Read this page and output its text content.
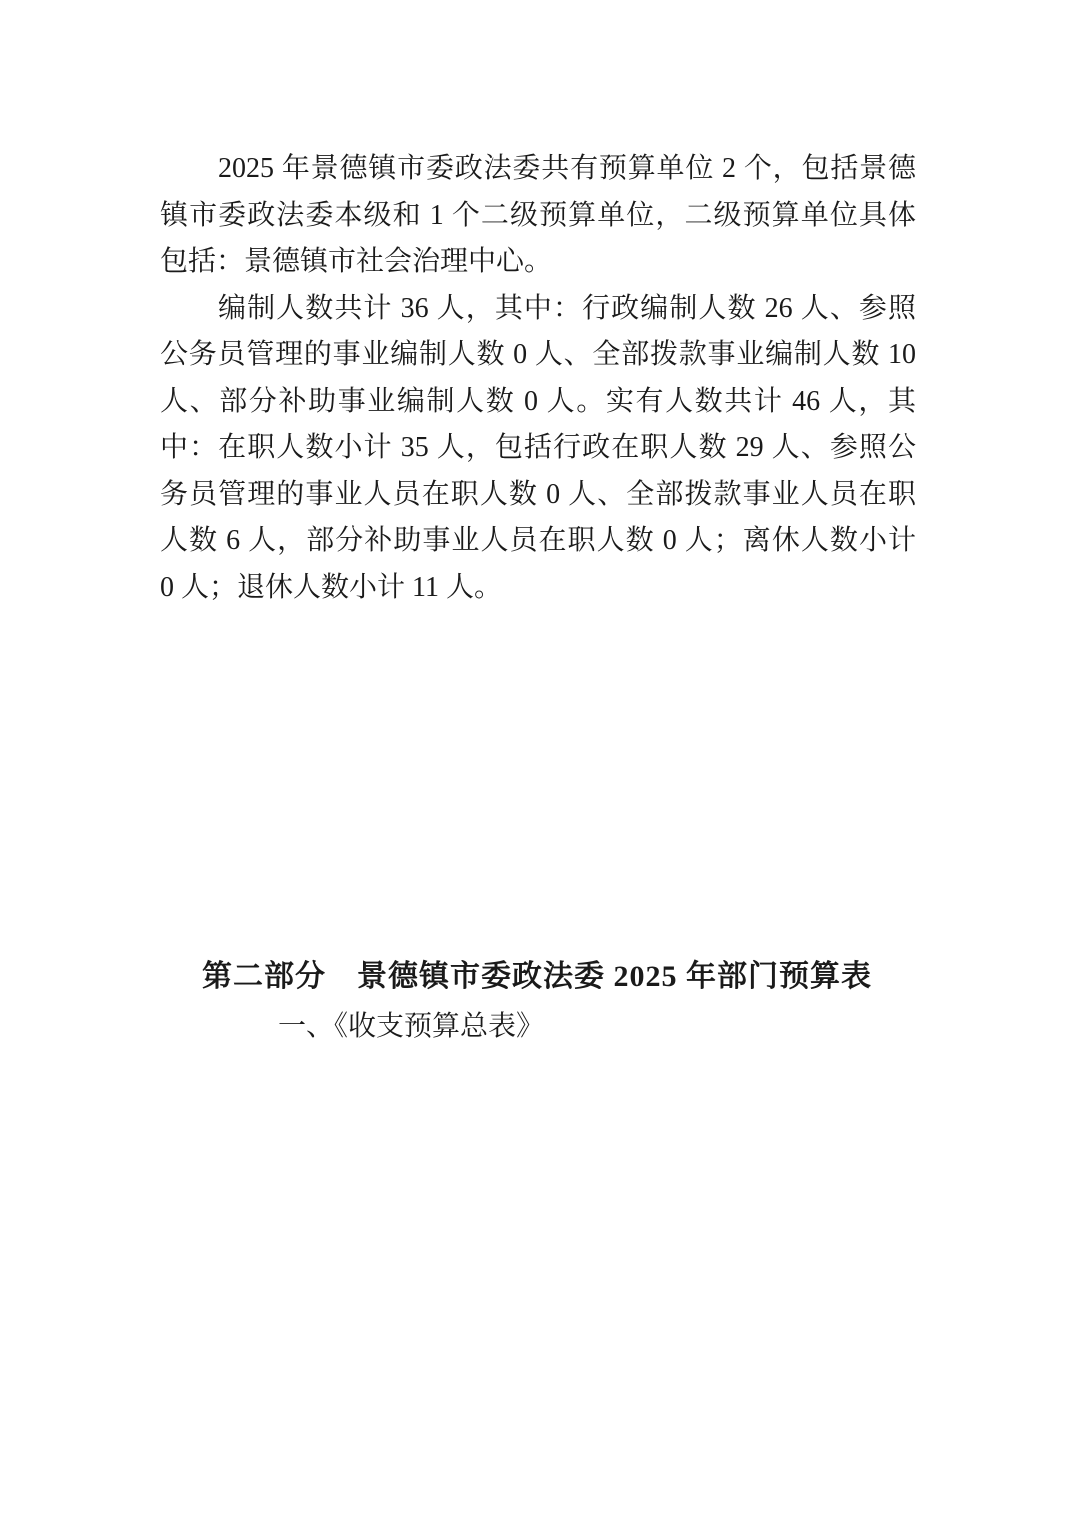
2025 年景德镇市委政法委共有预算单位 2 个，包括景德
镇市委政法委本级和 1 个二级预算单位，二级预算单位具体
包括：景德镇市社会治理中心。
编制人数共计 36 人，其中：行政编制人数 26 人、参照
公务员管理的事业编制人数 0 人、全部拨款事业编制人数 10
人、部分补助事业编制人数 0 人。实有人数共计 46 人，其
中：在职人数小计 35 人，包括行政在职人数 29 人、参照公
务员管理的事业人员在职人数 0 人、全部拨款事业人员在职
人数 6 人，部分补助事业人员在职人数 0 人；离休人数小计
0 人；退休人数小计 11 人。
第二部分　景德镇市委政法委 2025 年部门预算表
一、《收支预算总表》
